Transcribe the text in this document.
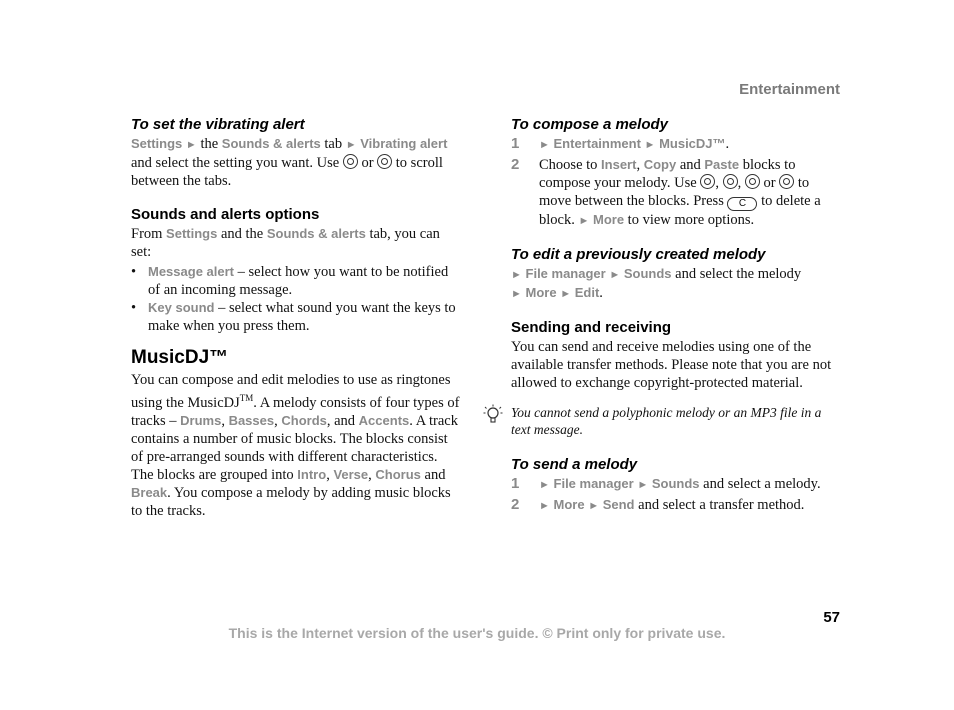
Entertainment
To set the vibrating alert

Settings ► the Sounds & alerts tab ► Vibrating alert and select the setting you want. Use or to scroll between the tabs.

Sounds and alerts options

From Settings and the Sounds & alerts tab, you can set:

• Message alert – select how you want to be notified of an incoming message.
• Key sound – select what sound you want the keys to make when you press them.
MusicDJ™

You can compose and edit melodies to use as ringtones using the MusicDJ™. A melody consists of four types of tracks – Drums, Basses, Chords, and Accents. A track contains a number of music blocks. The blocks consist of pre-arranged sounds with different characteristics. The blocks are grouped into Intro, Verse, Chorus and Break. You compose a melody by adding music blocks to the tracks.

To compose a melody
1 ► Entertainment ► MusicDJ™.
2 Choose to Insert, Copy and Paste blocks to compose your melody. Use , ,  or to move between the blocks. Press C to delete a block. ► More to view more options.
To edit a previously created melody

► File manager ► Sounds and select the melody
► More ► Edit.

Sending and receiving

You can send and receive melodies using one of the available transfer methods. Please note that you are not allowed to exchange copyright-protected material.

You cannot send a polyphonic melody or an MP3 file in a text message.
To send a melody
1 ► File manager ► Sounds and select a melody.
2 ► More ► Send and select a transfer method.
57
This is the Internet version of the user's guide. © Print only for private use.
